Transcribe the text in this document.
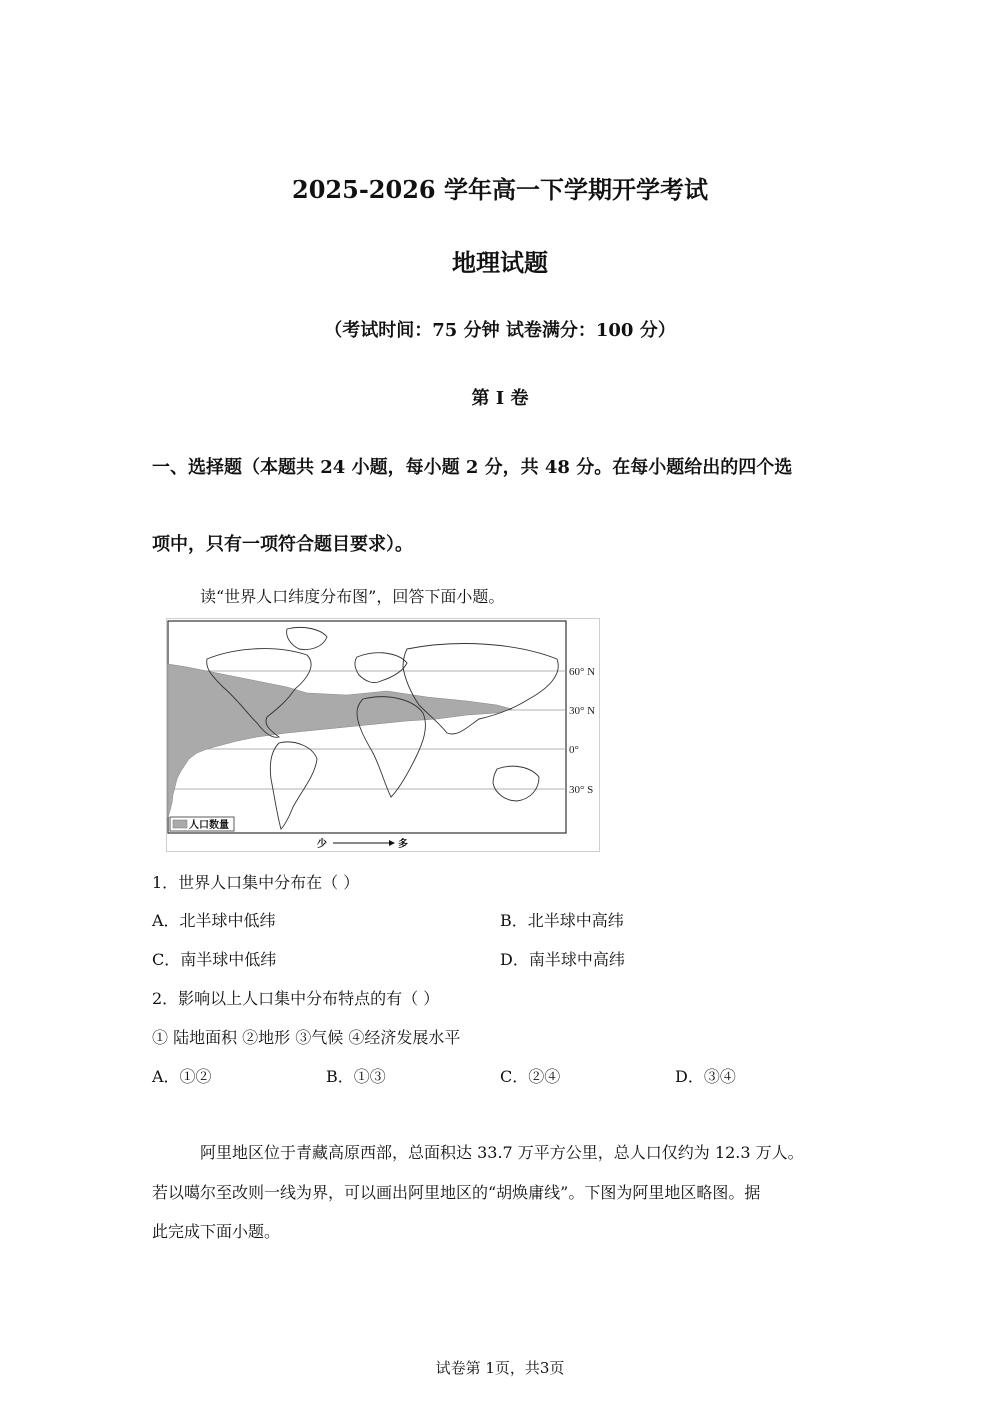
2025-2026 学年高一下学期开学考试
地理试题
（考试时间：75 分钟 试卷满分：100 分）
第 I 卷
一、选择题（本题共 24 小题，每小题 2 分，共 48 分。在每小题给出的四个选
项中，只有一项符合题目要求）。
读“世界人口纬度分布图”，回答下面小题。
60° N
30° N
0°
30° S
人口数量
少	多
1．世界人口集中分布在（ ）
A．北半球中低纬	B．北半球中高纬
C．南半球中低纬	D．南半球中高纬
2．影响以上人口集中分布特点的有（ ）
① 陆地面积 ②地形 ③气候 ④经济发展水平
A．①②	B．①③	C．②④	D．③④
阿里地区位于青藏高原西部，总面积达 33.7 万平方公里，总人口仅约为 12.3 万人。
若以噶尔至改则一线为界，可以画出阿里地区的“胡焕庸线”。下图为阿里地区略图。据
此完成下面小题。
试卷第 1页，共3页
